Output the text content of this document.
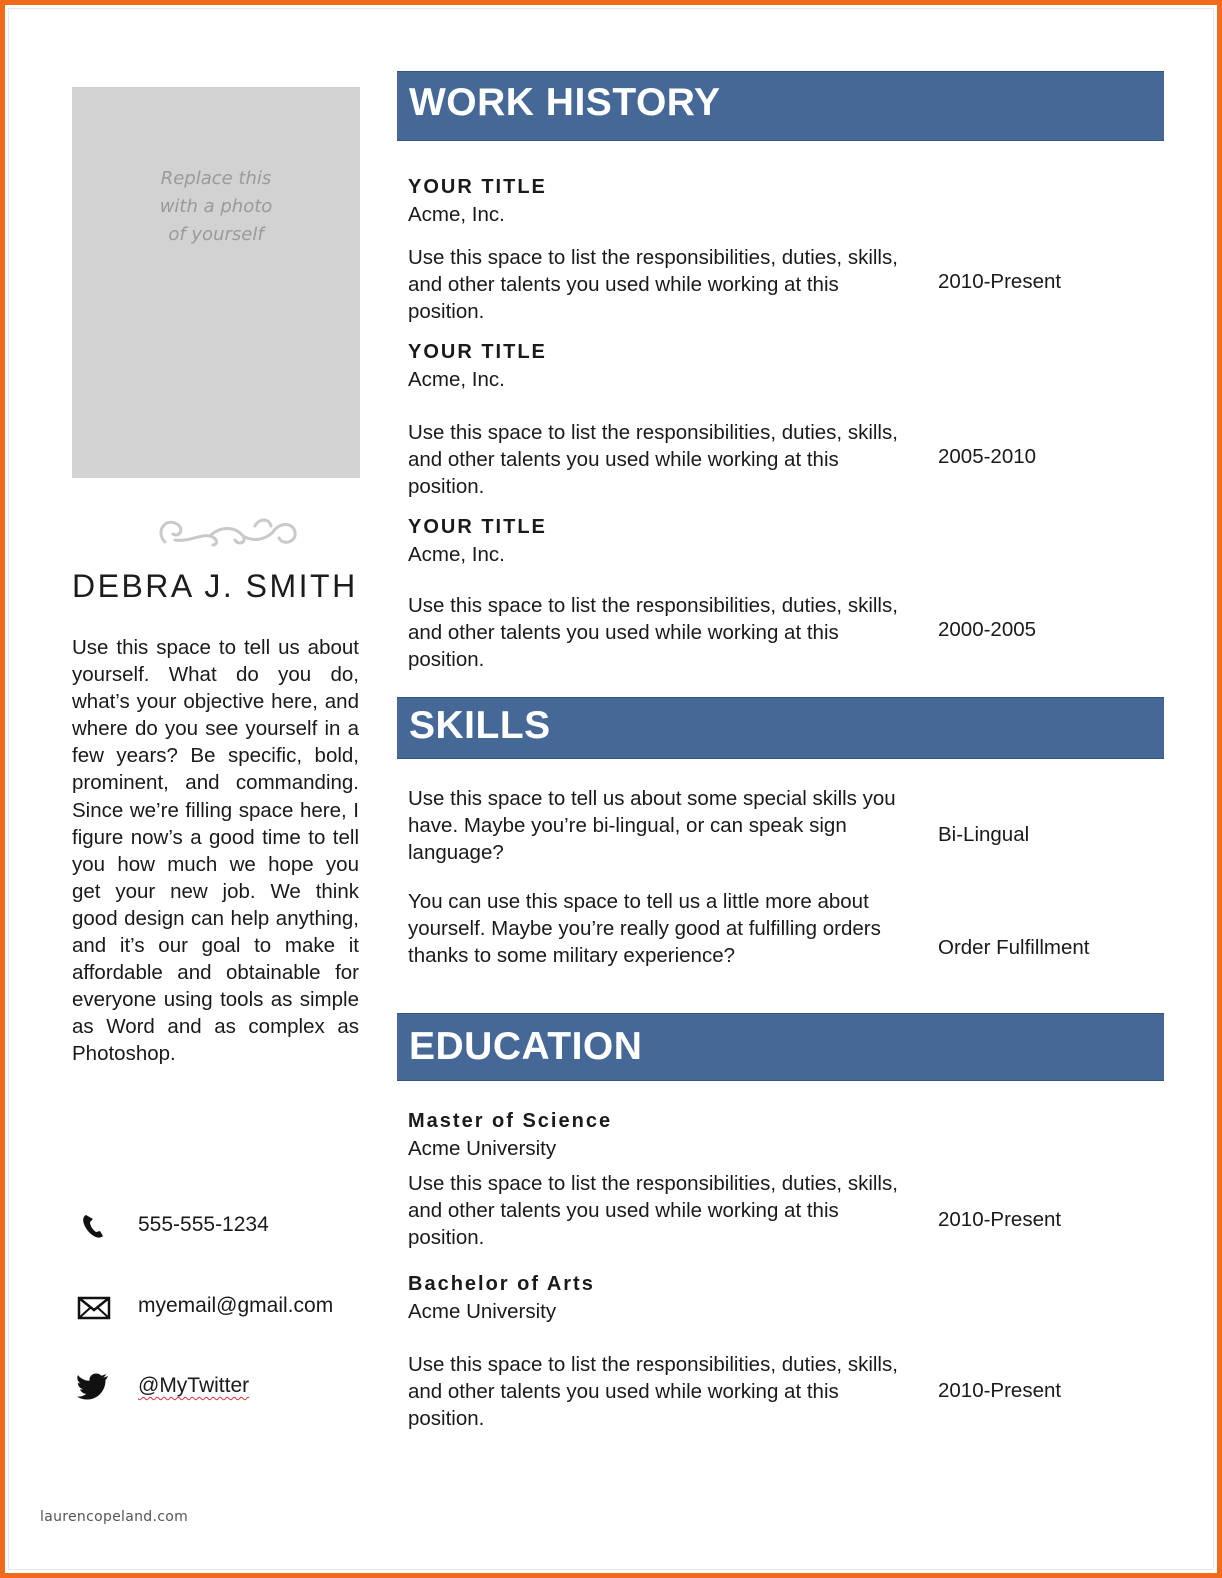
Replace this with a photo of yourself
DEBRA J. SMITH
Use this space to tell us about yourself. What do you do, what’s your objective here, and where do you see yourself in a few years? Be specific, bold, prominent, and commanding. Since we’re filling space here, I figure now’s a good time to tell you how much we hope you get your new job. We think good design can help anything, and it’s our goal to make it affordable and obtainable for everyone using tools as simple as Word and as complex as Photoshop.
555-555-1234
myemail@gmail.com
@MyTwitter
laurencopeland.com
WORK HISTORY
YOUR TITLE
Acme, Inc.
Use this space to list the responsibilities, duties, skills, and other talents you used while working at this position.
2010-Present
YOUR TITLE
Acme, Inc.
Use this space to list the responsibilities, duties, skills, and other talents you used while working at this position.
2005-2010
YOUR TITLE
Acme, Inc.
Use this space to list the responsibilities, duties, skills, and other talents you used while working at this position.
2000-2005
SKILLS
Use this space to tell us about some special skills you have. Maybe you’re bi-lingual, or can speak sign language?
Bi-Lingual
You can use this space to tell us a little more about yourself. Maybe you’re really good at fulfilling orders thanks to some military experience?	Order Fulfillment
EDUCATION
Master of Science
Acme University
Use this space to list the responsibilities, duties, skills, and other talents you used while working at this position.
2010-Present
Bachelor of Arts
Acme University
Use this space to list the responsibilities, duties, skills, and other talents you used while working at this position.
2010-Present
